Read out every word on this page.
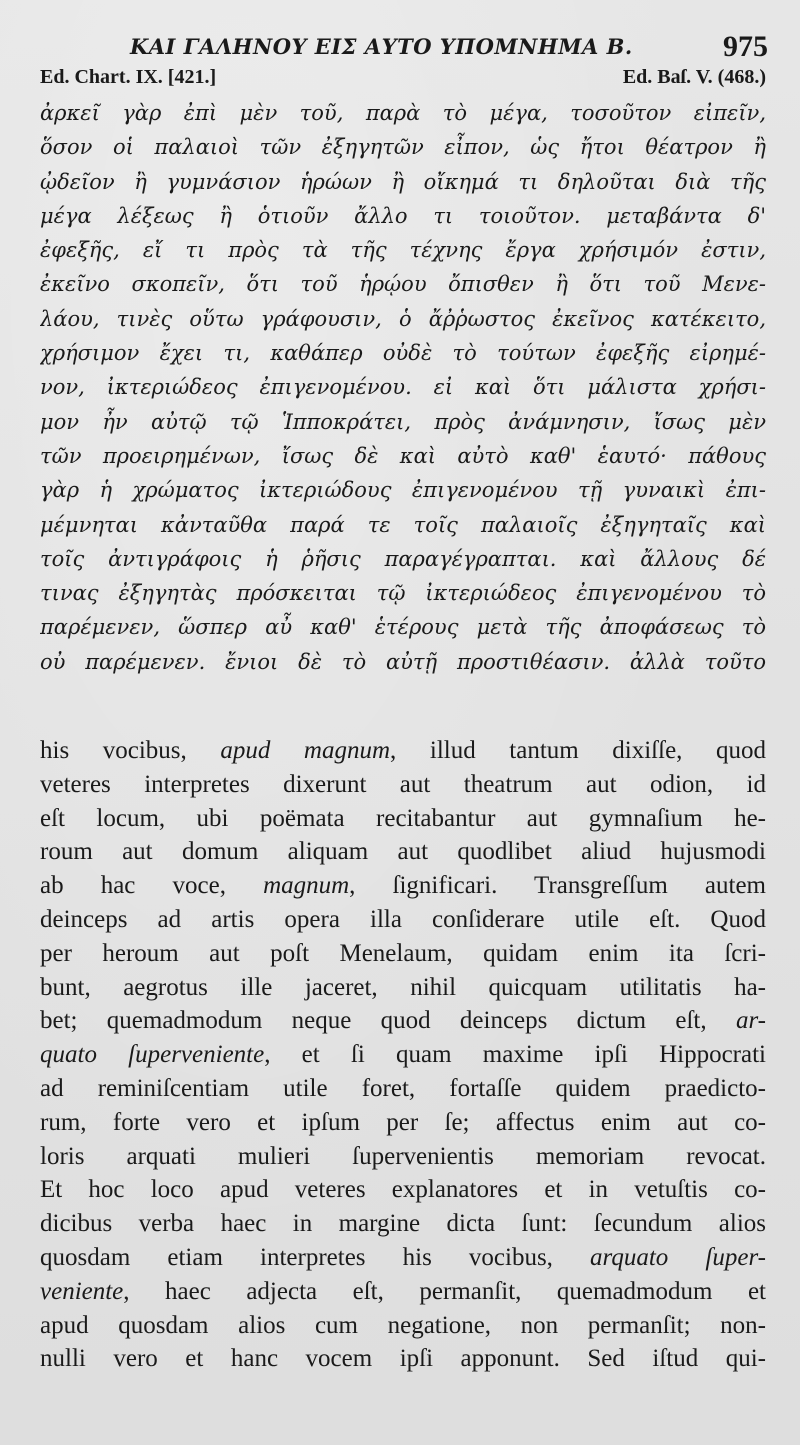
ΚΑΙ ΓΑΛΗΝΟΥ ΕΙΣ ΑΥΤΟ ΥΠΟΜΝΗΜΑ Β.	975
Ed. Chart. IX. [421.]	Ed. Baſ. V. (468.)
ἀρκεῖ γὰρ ἐπὶ μὲν τοῦ, παρὰ τὸ μέγα, τοσοῦτον εἰπεῖν,
ὅσον οἱ παλαιοὶ τῶν ἐξηγητῶν εἶπον, ὡς ἤτοι θέατρον ἢ
ᾠδεῖον ἢ γυμνάσιον ἡρώων ἢ οἴκημά τι δηλοῦται διὰ τῆς
μέγα λέξεως ἢ ὁτιοῦν ἄλλο τι τοιοῦτον. μεταβάντα δ'
ἐφεξῆς, εἴ τι πρὸς τὰ τῆς τέχνης ἔργα χρήσιμόν ἐστιν,
ἐκεῖνο σκοπεῖν, ὅτι τοῦ ἡρῴου ὄπισθεν ἢ ὅτι τοῦ Μενε-
λάου, τινὲς οὕτω γράφουσιν, ὁ ἄῤῥωστος ἐκεῖνος κατέκειτο,
χρήσιμον ἔχει τι, καθάπερ οὐδὲ τὸ τούτων ἐφεξῆς εἰρημέ-
νον, ἰκτεριώδεος ἐπιγενομένου. εἰ καὶ ὅτι μάλιστα χρήσι-
μον ἦν αὐτῷ τῷ Ἱπποκράτει, πρὸς ἀνάμνησιν, ἴσως μὲν
τῶν προειρημένων, ἴσως δὲ καὶ αὐτὸ καθ' ἑαυτό· πάθους
γὰρ ἡ χρώματος ἰκτεριώδους ἐπιγενομένου τῇ γυναικὶ ἐπι-
μέμνηται κἀνταῦθα παρά τε τοῖς παλαιοῖς ἐξηγηταῖς καὶ
τοῖς ἀντιγράφοις ἡ ῥῆσις παραγέγραπται. καὶ ἄλλους δέ
τινας ἐξηγητὰς πρόσκειται τῷ ἰκτεριώδεος ἐπιγενομένου τὸ
παρέμενεν, ὥσπερ αὖ καθ' ἑτέρους μετὰ τῆς ἀποφάσεως τὸ
οὐ παρέμενεν. ἔνιοι δὲ τὸ αὐτῇ προστιθέασιν. ἀλλὰ τοῦτο
his vocibus, apud magnum, illud tantum dixiſſe, quod
veteres interpretes dixerunt aut theatrum aut odion, id
eſt locum, ubi poëmata recitabantur aut gymnaſium he-
roum aut domum aliquam aut quodlibet aliud hujusmodi
ab hac voce, magnum, ſignificari. Transgreſſum autem
deinceps ad artis opera illa conſiderare utile eſt. Quod
per heroum aut poſt Menelaum, quidam enim ita ſcri-
bunt, aegrotus ille jaceret, nihil quicquam utilitatis ha-
bet; quemadmodum neque quod deinceps dictum eſt, ar-
quato ſuperveniente, et ſi quam maxime ipſi Hippocrati
ad reminiſcentiam utile foret, fortaſſe quidem praedicto-
rum, forte vero et ipſum per ſe; affectus enim aut co-
loris arquati mulieri ſupervenientis memoriam revocat.
Et hoc loco apud veteres explanatores et in vetuſtis co-
dicibus verba haec in margine dicta ſunt: ſecundum alios
quosdam etiam interpretes his vocibus, arquato ſuper-
veniente, haec adjecta eſt, permanſit, quemadmodum et
apud quosdam alios cum negatione, non permanſit; non-
nulli vero et hanc vocem ipſi apponunt. Sed iſtud qui-
